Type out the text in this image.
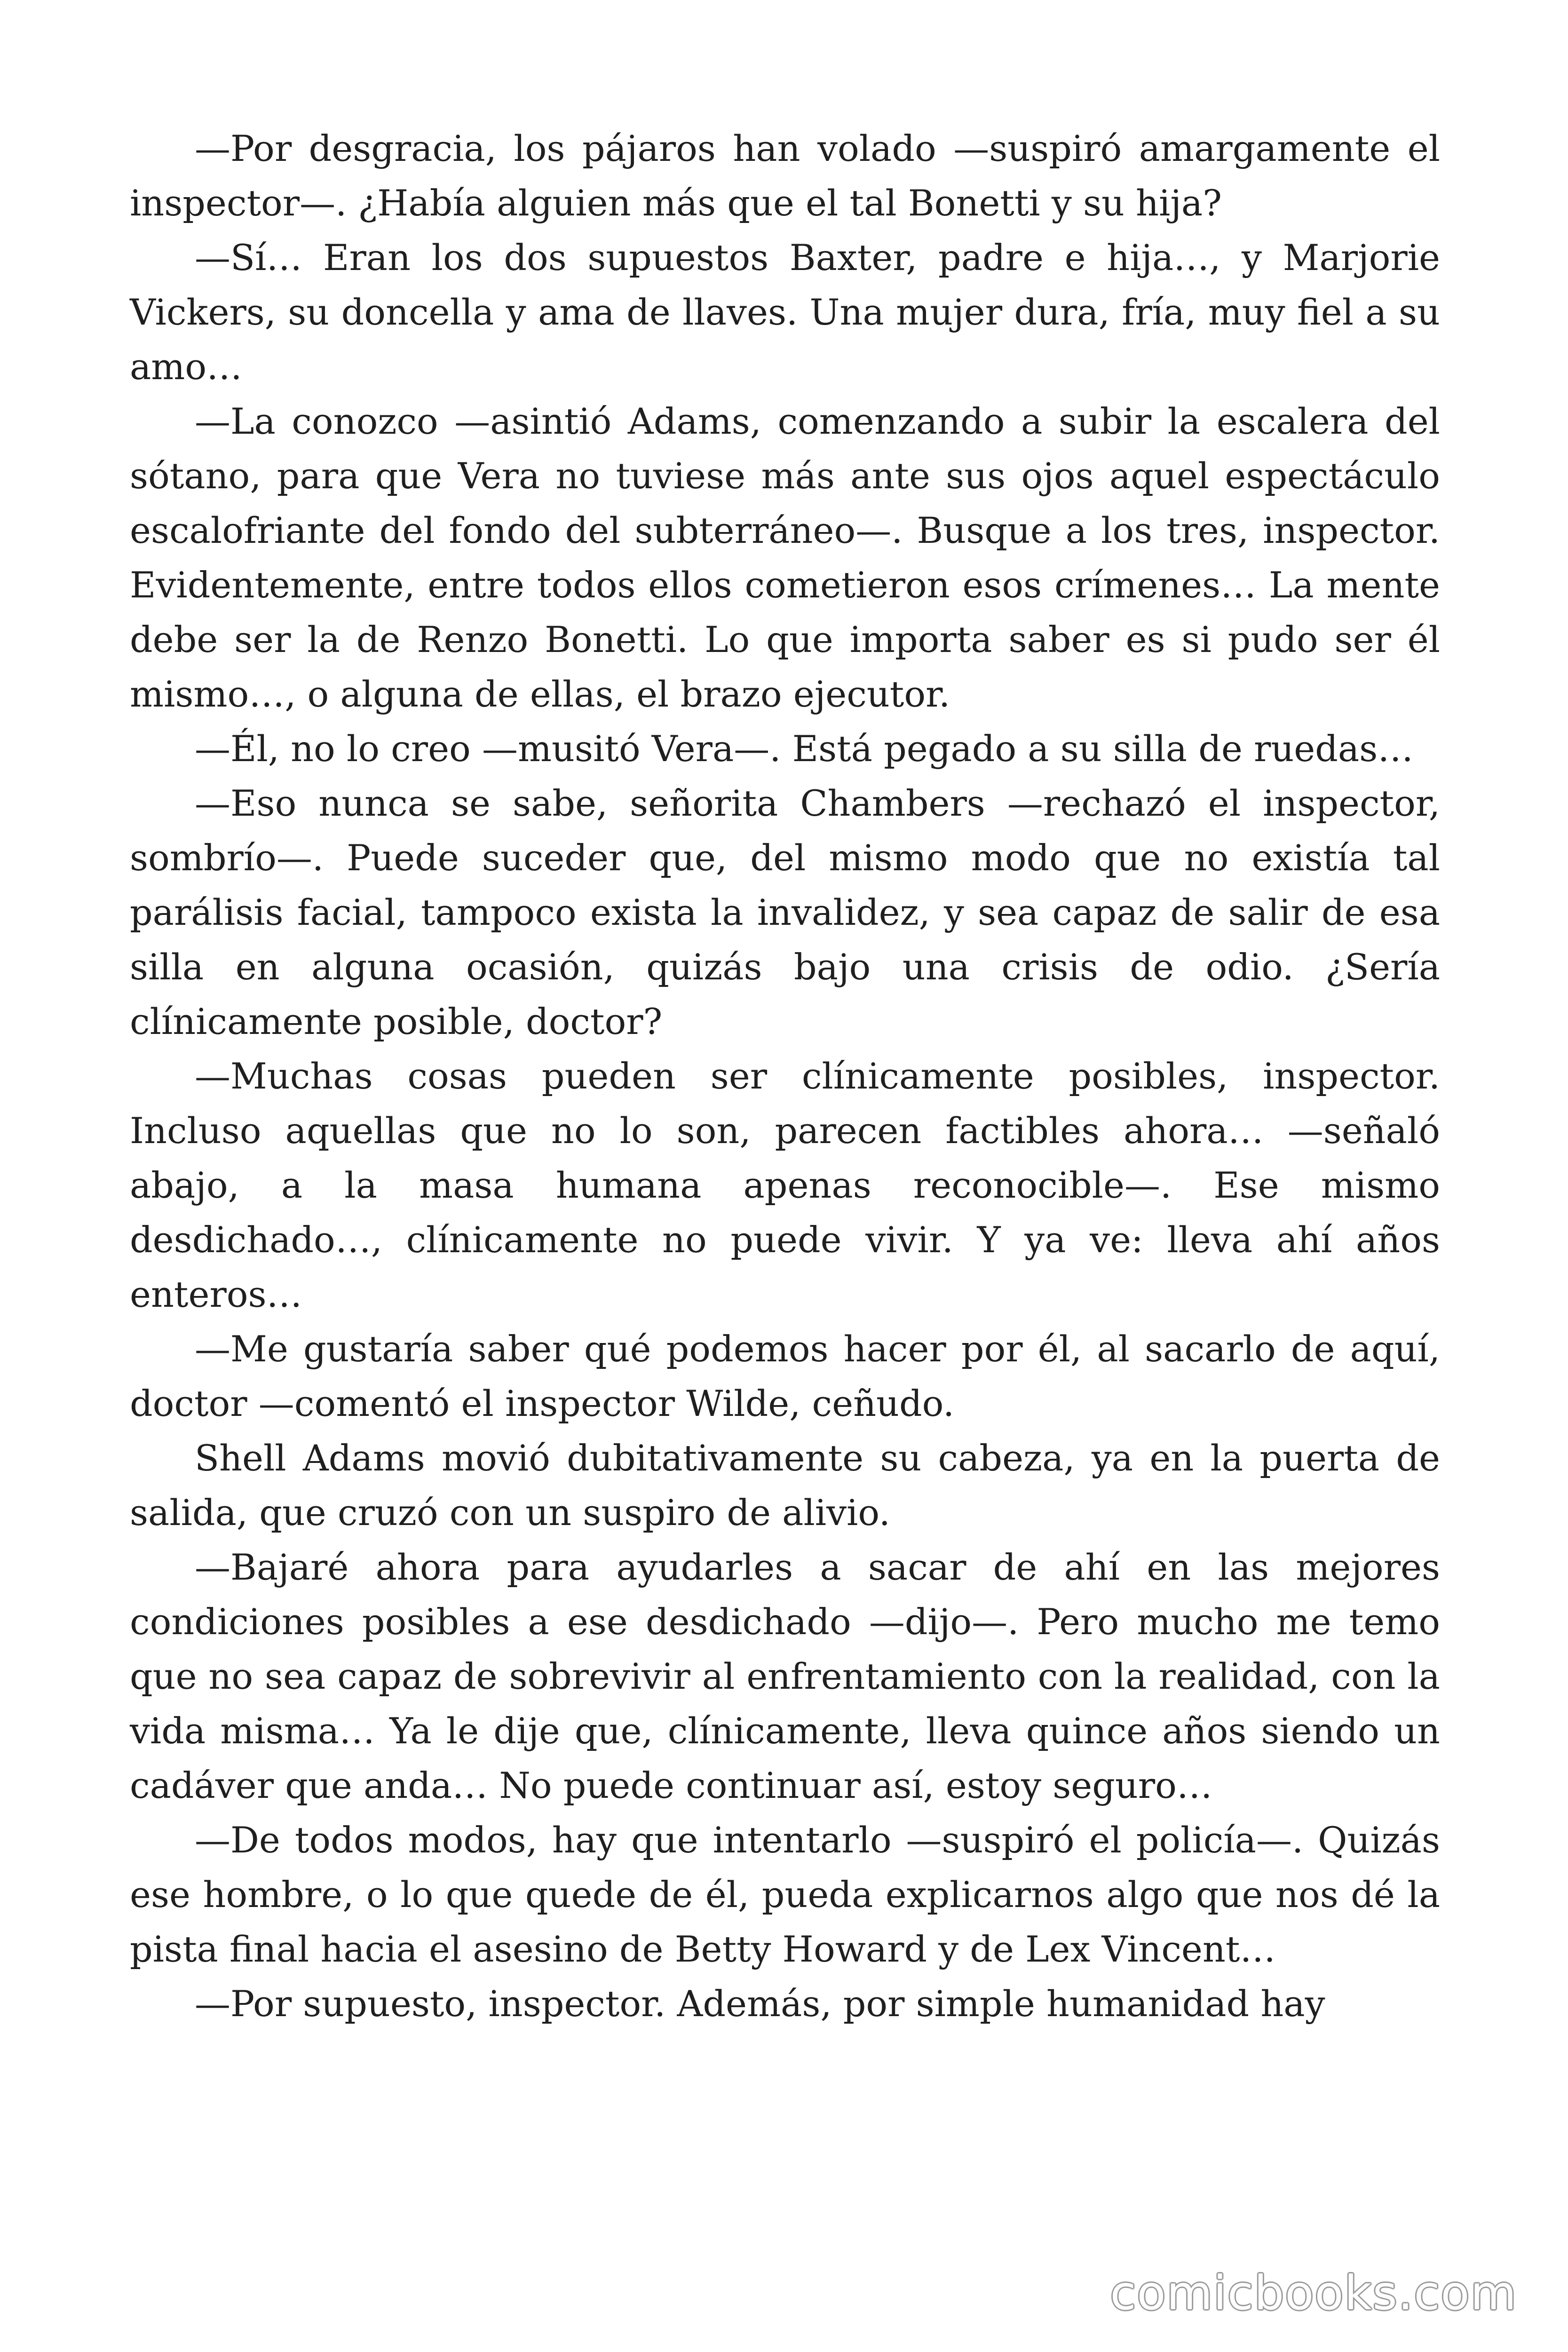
—Por desgracia, los pájaros han volado —suspiró amargamente el inspector—. ¿Había alguien más que el tal Bonetti y su hija?

—Sí… Eran los dos supuestos Baxter, padre e hija…, y Marjorie Vickers, su doncella y ama de llaves. Una mujer dura, fría, muy fiel a su amo…

—La conozco —asintió Adams, comenzando a subir la escalera del sótano, para que Vera no tuviese más ante sus ojos aquel espectáculo escalofriante del fondo del subterráneo—. Busque a los tres, inspector. Evidentemente, entre todos ellos cometieron esos crímenes… La mente debe ser la de Renzo Bonetti. Lo que importa saber es si pudo ser él mismo…, o alguna de ellas, el brazo ejecutor.

—Él, no lo creo —musitó Vera—. Está pegado a su silla de ruedas…

—Eso nunca se sabe, señorita Chambers —rechazó el inspector, sombrío—. Puede suceder que, del mismo modo que no existía tal parálisis facial, tampoco exista la invalidez, y sea capaz de salir de esa silla en alguna ocasión, quizás bajo una crisis de odio. ¿Sería clínicamente posible, doctor?

—Muchas cosas pueden ser clínicamente posibles, inspector. Incluso aquellas que no lo son, parecen factibles ahora… —señaló abajo, a la masa humana apenas reconocible—. Ese mismo desdichado…, clínicamente no puede vivir. Y ya ve: lleva ahí años enteros…

—Me gustaría saber qué podemos hacer por él, al sacarlo de aquí, doctor —comentó el inspector Wilde, ceñudo.

Shell Adams movió dubitativamente su cabeza, ya en la puerta de salida, que cruzó con un suspiro de alivio.

—Bajaré ahora para ayudarles a sacar de ahí en las mejores condiciones posibles a ese desdichado —dijo—. Pero mucho me temo que no sea capaz de sobrevivir al enfrentamiento con la realidad, con la vida misma… Ya le dije que, clínicamente, lleva quince años siendo un cadáver que anda… No puede continuar así, estoy seguro…

—De todos modos, hay que intentarlo —suspiró el policía—. Quizás ese hombre, o lo que quede de él, pueda explicarnos algo que nos dé la pista final hacia el asesino de Betty Howard y de Lex Vincent…

—Por supuesto, inspector. Además, por simple humanidad hay

comicbooks.com
